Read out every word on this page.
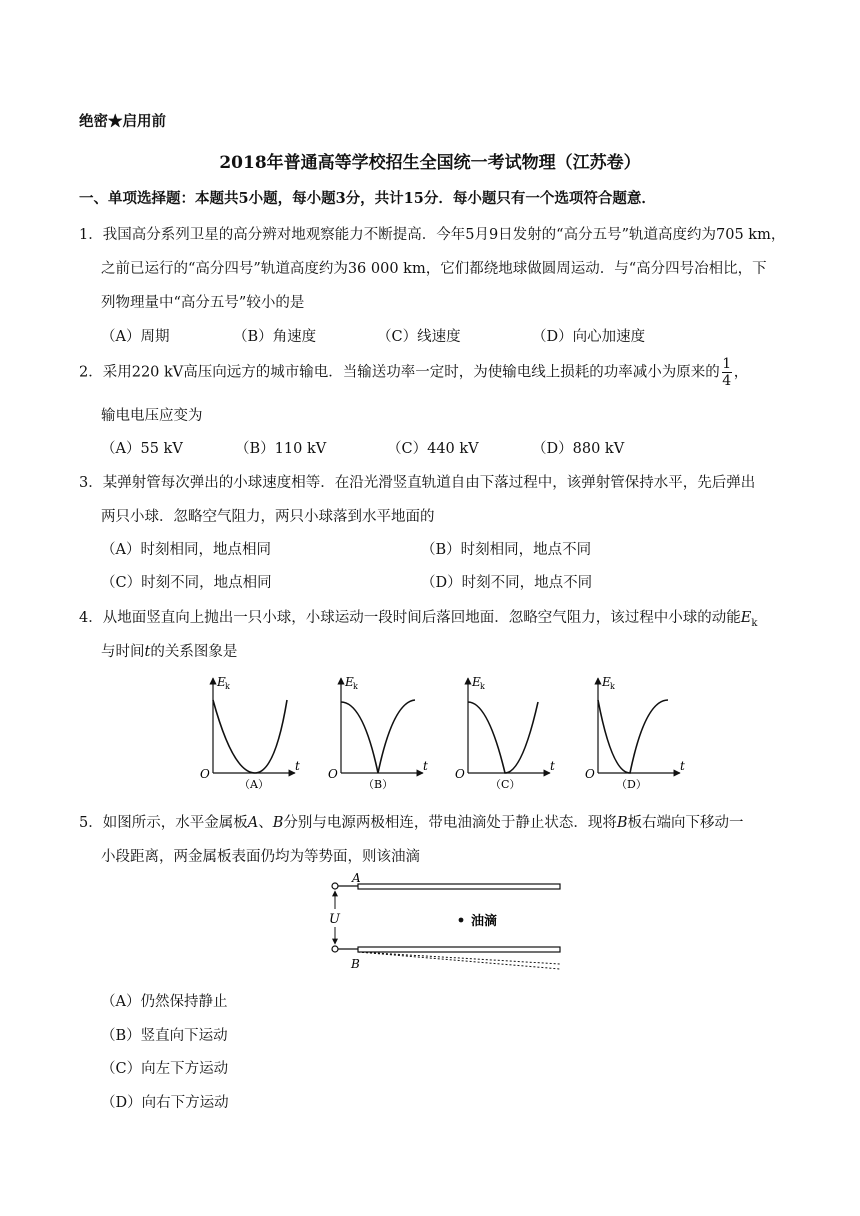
绝密★启用前
2018年普通高等学校招生全国统一考试物理（江苏卷）
一、单项选择题：本题共5小题，每小题3分，共计15分．每小题只有一个选项符合题意．
1．我国高分系列卫星的高分辨对地观察能力不断提高．今年5月9日发射的“高分五号”轨道高度约为705 km，
之前已运行的“高分四号”轨道高度约为36 000 km，它们都绕地球做圆周运动．与“高分四号冶相比，下
列物理量中“高分五号”较小的是
（A）周期	（B）角速度	（C）线速度	（D）向心加速度
2．采用220 kV高压向远方的城市输电．当输送功率一定时，为使输电线上损耗的功率减小为原来的 $\frac{1}{4}$ ，
输电电压应变为
（A）55 kV	（B）110 kV	（C）440 kV	（D）880 kV
3．某弹射管每次弹出的小球速度相等．在沿光滑竖直轨道自由下落过程中，该弹射管保持水平，先后弹出
两只小球．忽略空气阻力，两只小球落到水平地面的
（A）时刻相同，地点相同	（B）时刻相同，地点不同
（C）时刻不同，地点相同	（D）时刻不同，地点不同
4．从地面竖直向上抛出一只小球，小球运动一段时间后落回地面．忽略空气阻力，该过程中小球的动能$E_k$
与时间t的关系图象是
E k
t
O
（A）
E k
t
O
（B）
E k
t
O
（C）
E k
t
O
（D）
5．如图所示，水平金属板A、B分别与电源两极相连，带电油滴处于静止状态．现将B板右端向下移动一
小段距离，两金属板表面仍均为等势面，则该油滴
U
A
B
油滴
（A）仍然保持静止
（B）竖直向下运动
（C）向左下方运动
（D）向右下方运动
